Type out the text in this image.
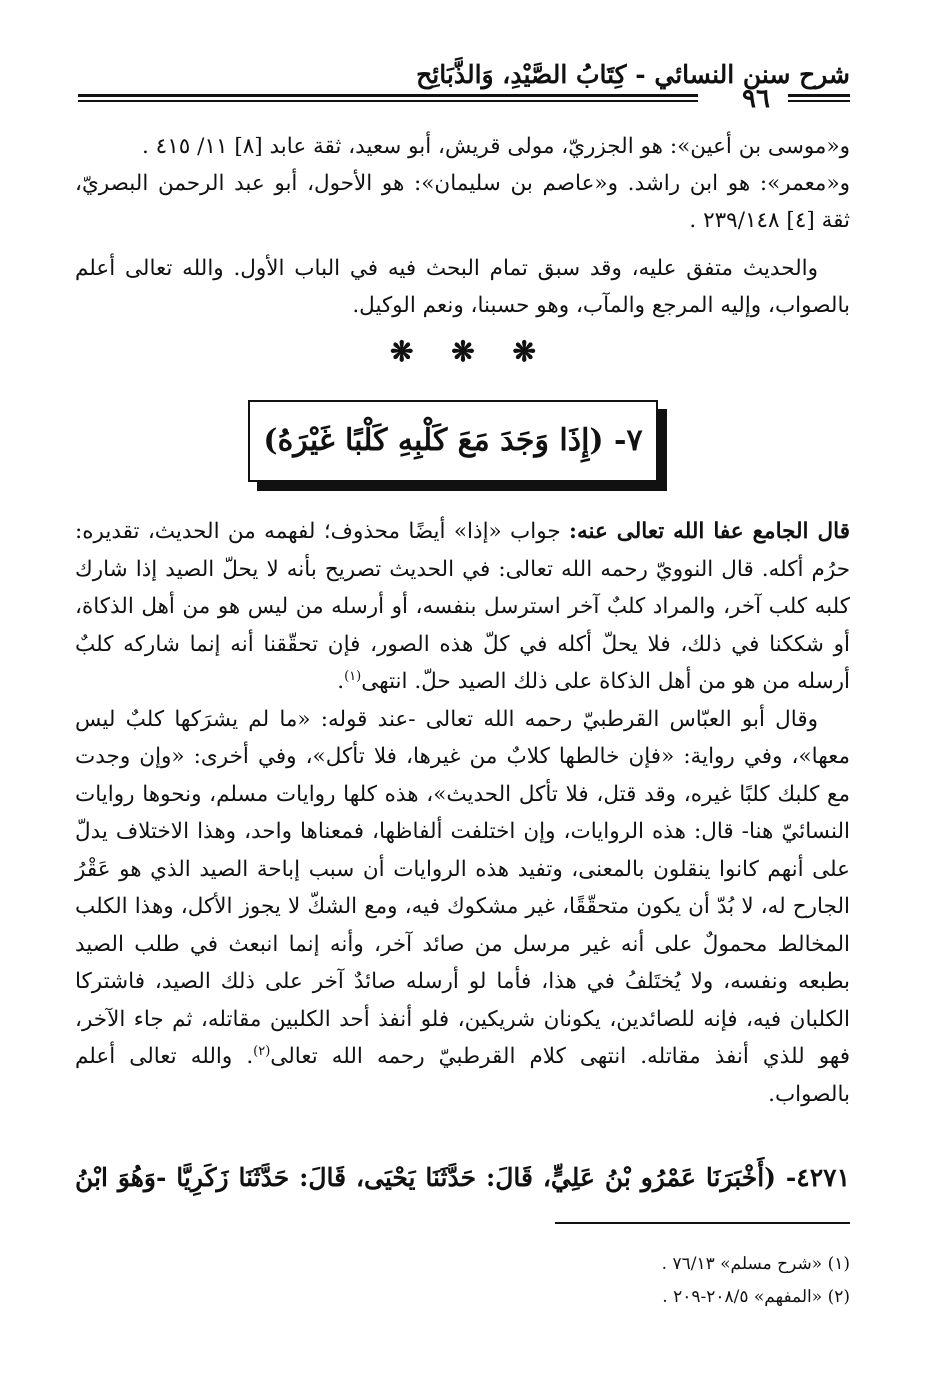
شرح سنن النسائي - كِتَابُ الصَّيْدِ، وَالذَّبَائِح
٩٦

و«موسى بن أعين»: هو الجزريّ، مولى قريش، أبو سعيد، ثقة عابد [٨] ١١/ ٤١٥ .

و«معمر»: هو ابن راشد. و«عاصم بن سليمان»: هو الأحول، أبو عبد الرحمن البصريّ، ثقة [٤] ٢٣٩/١٤٨ .

والحديث متفق عليه، وقد سبق تمام البحث فيه في الباب الأول. والله تعالى أعلم بالصواب، وإليه المرجع والمآب، وهو حسبنا، ونعم الوكيل.

❋ ❋ ❋
٧- (إِذَا وَجَدَ مَعَ كَلْبِهِ كَلْبًا غَيْرَهُ)

قال الجامع عفا الله تعالى عنه: جواب «إذا» أيضًا محذوف؛ لفهمه من الحديث، تقديره: حرُم أكله. قال النوويّ رحمه الله تعالى: في الحديث تصريح بأنه لا يحلّ الصيد إذا شارك كلبه كلب آخر، والمراد كلبٌ آخر استرسل بنفسه، أو أرسله من ليس هو من أهل الذكاة، أو شككنا في ذلك، فلا يحلّ أكله في كلّ هذه الصور، فإن تحقّقنا أنه إنما شاركه كلبٌ أرسله من هو من أهل الذكاة على ذلك الصيد حلّ. انتهى$^{(١)}$.

وقال أبو العبّاس القرطبيّ رحمه الله تعالى -عند قوله: «ما لم يشرَكها كلبٌ ليس معها»، وفي رواية: «فإن خالطها كلابٌ من غيرها، فلا تأكل»، وفي أخرى: «وإن وجدت مع كلبك كلبًا غيره، وقد قتل، فلا تأكل الحديث»، هذه كلها روايات مسلم، ونحوها روايات النسائيّ هنا- قال: هذه الروايات، وإن اختلفت ألفاظها، فمعناها واحد، وهذا الاختلاف يدلّ على أنهم كانوا ينقلون بالمعنى، وتفيد هذه الروايات أن سبب إباحة الصيد الذي هو عَقْرُ الجارح له، لا بُدّ أن يكون متحقّقًا، غير مشكوك فيه، ومع الشكّ لا يجوز الأكل، وهذا الكلب المخالط محمولٌ على أنه غير مرسل من صائد آخر، وأنه إنما انبعث في طلب الصيد بطبعه ونفسه، ولا يُختَلفُ في هذا، فأما لو أرسله صائدٌ آخر على ذلك الصيد، فاشتركا الكلبان فيه، فإنه للصائدين، يكونان شريكين، فلو أنفذ أحد الكلبين مقاتله، ثم جاء الآخر، فهو للذي أنفذ مقاتله. انتهى كلام القرطبيّ رحمه الله تعالى$^{(٢)}$. والله تعالى أعلم بالصواب.

٤٢٧١- (أَخْبَرَنَا عَمْرُو بْنُ عَلِيٍّ، قَالَ: حَدَّثَنَا يَحْيَى، قَالَ: حَدَّثَنَا زَكَرِيَّا -وَهُوَ ابْنُ
(١) «شرح مسلم» ٧٦/١٣ .
(٢) «المفهم» ٢٠٨/٥-٢٠٩ .
